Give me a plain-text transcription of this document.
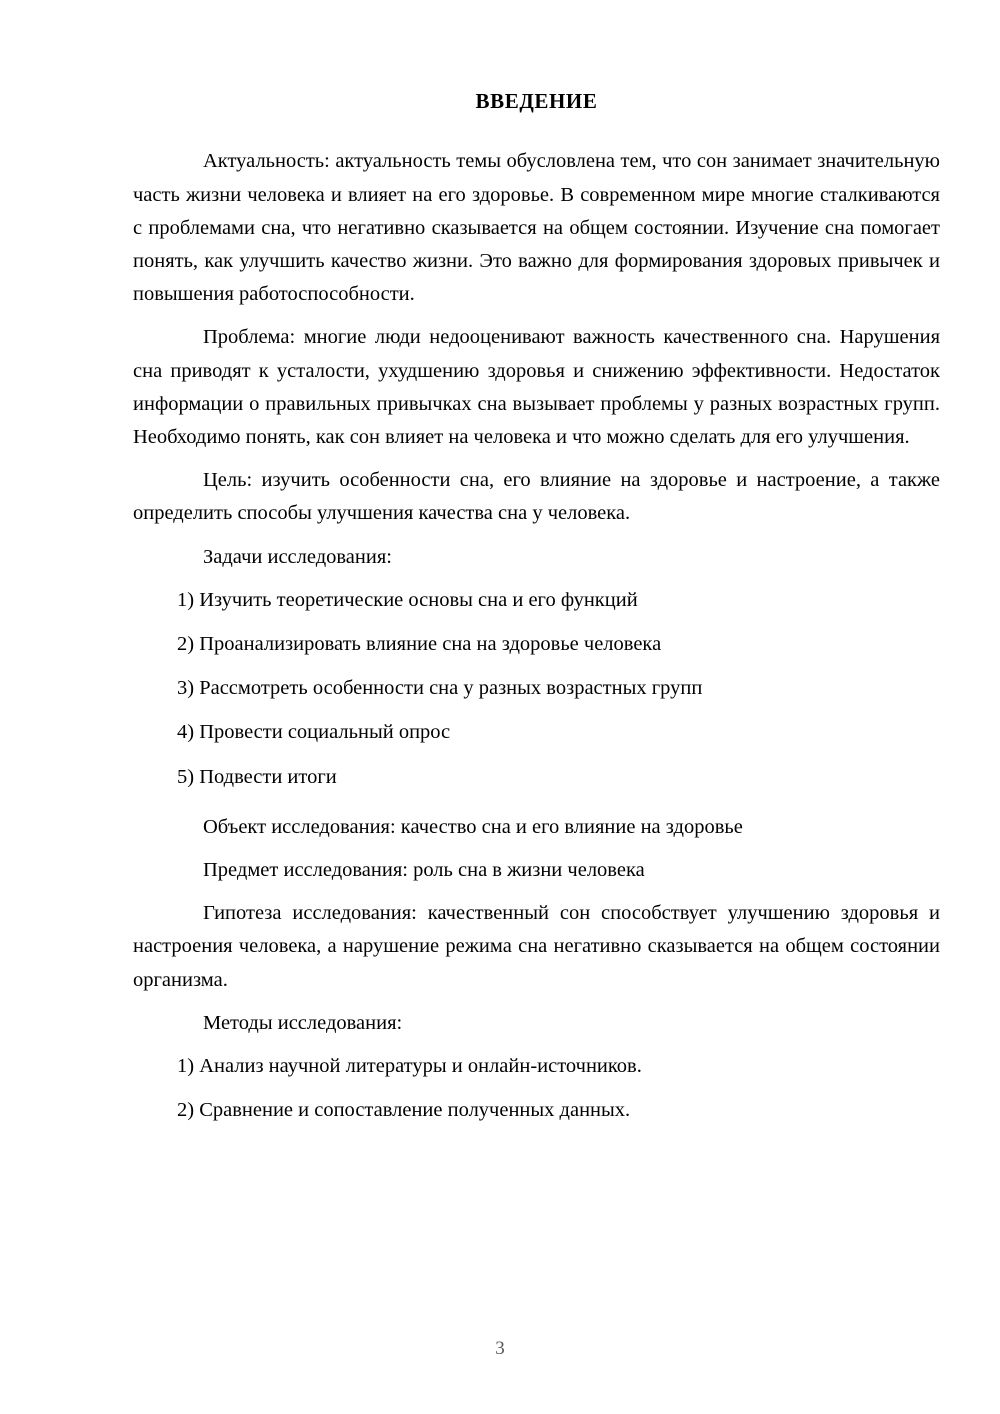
ВВЕДЕНИЕ

Актуальность: актуальность темы обусловлена тем, что сон занимает значительную часть жизни человека и влияет на его здоровье. В современном мире многие сталкиваются с проблемами сна, что негативно сказывается на общем состоянии. Изучение сна помогает понять, как улучшить качество жизни. Это важно для формирования здоровых привычек и повышения работоспособности.

Проблема: многие люди недооценивают важность качественного сна. Нарушения сна приводят к усталости, ухудшению здоровья и снижению эффективности. Недостаток информации о правильных привычках сна вызывает проблемы у разных возрастных групп. Необходимо понять, как сон влияет на человека и что можно сделать для его улучшения.

Цель: изучить особенности сна, его влияние на здоровье и настроение, а также определить способы улучшения качества сна у человека.

Задачи исследования:

1) Изучить теоретические основы сна и его функций
2) Проанализировать влияние сна на здоровье человека
3) Рассмотреть особенности сна у разных возрастных групп
4) Провести социальный опрос
5) Подвести итоги

Объект исследования: качество сна и его влияние на здоровье

Предмет исследования: роль сна в жизни человека

Гипотеза исследования: качественный сон способствует улучшению здоровья и настроения человека, а нарушение режима сна негативно сказывается на общем состоянии организма.

Методы исследования:

1) Анализ научной литературы и онлайн-источников.
2) Сравнение и сопоставление полученных данных.
3
